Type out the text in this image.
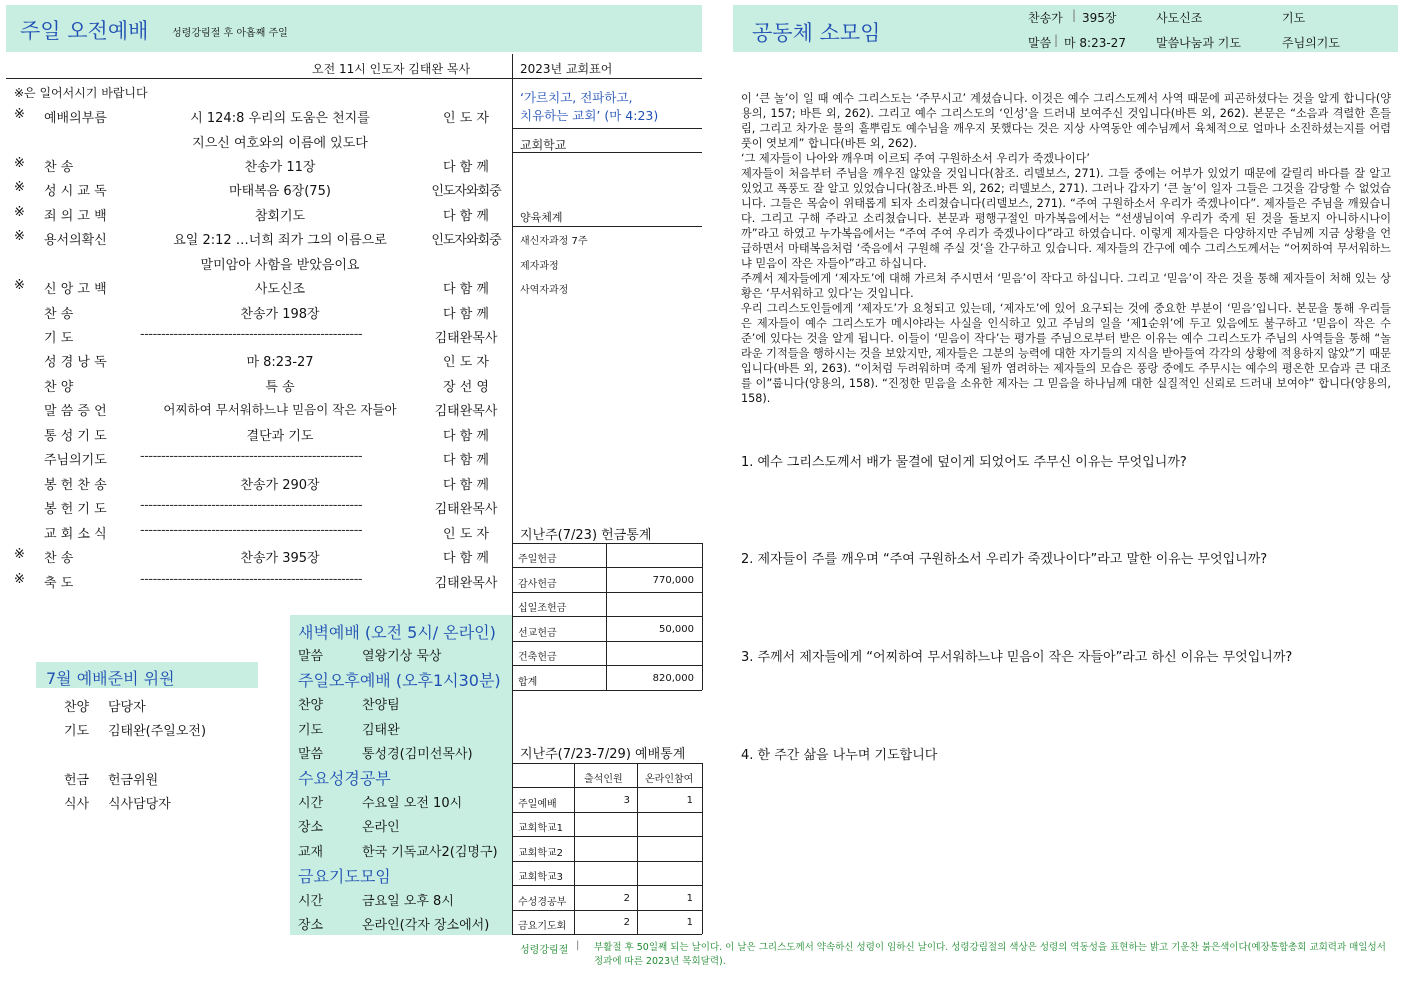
주일 오전예배 성령강림절 후 아홉째 주일	공동체 소모임
찬송가 | 395장	사도신조	기도
말씀 | 마 8:23-27	말씀나눔과 기도	주님의기도
오전 11시 인도자 김태완 목사	2023년 교회표어
※은 일어서시기 바랍니다	‘가르치고, 전파하고,
치유하는 교회’ (마 4:23)
교회학교
양육체계
새신자과정 7주
제자과정
사역자과정
※ 예배의부름	시 124:8 우리의 도움은 천지를	인 도 자
지으신 여호와의 이름에 있도다
※ 찬 송	찬송가 11장	다 함 께
※ 성 시 교 독	마태복음 6장(75)	인도자와회중
※ 죄 의 고 백	참회기도	다 함 께
※ 용서의확신	요일 2:12 …너희 죄가 그의 이름으로	인도자와회중
말미암아 사함을 받았음이요
※ 신 앙 고 백	사도신조	다 함 께
찬 송	찬송가 198장	다 함 께
기 도	-----------------------------------------------------	김태완목사
성 경 낭 독	마 8:23-27	인 도 자
찬 양	특 송	장 선 영
말 씀 증 언	어찌하여 무서워하느냐 믿음이 작은 자들아	김태완목사
통 성 기 도	결단과 기도	다 함 께
주님의기도	-----------------------------------------------------	다 함 께
봉 헌 찬 송	찬송가 290장	다 함 께
봉 헌 기 도	-----------------------------------------------------	김태완목사
교 회 소 식	-----------------------------------------------------	인 도 자
※ 찬 송	찬송가 395장	다 함 께
※ 축 도	-----------------------------------------------------	김태완목사
지난주(7/23) 헌금통계
주일헌금
감사헌금	770,000
십일조헌금
선교헌금	50,000
건축헌금
합계	820,000
지난주(7/23-7/29) 예배통계
출석인원 온라인참여
주일예배	3	1
교회학교1
교회학교2
교회학교3
수성경공부	2	1
금요기도회	2	1
새벽예배 (오전 5시/ 온라인)
말씀	열왕기상 묵상
주일오후예배 (오후1시30분)
찬양	찬양팀
기도	김태완
말씀	통성경(김미선목사)
수요성경공부
시간	수요일 오전 10시
장소	온라인
교재	한국 기독교사2(김명구)
금요기도모임
시간	금요일 오후 8시
장소	온라인(각자 장소에서)
7월 예배준비 위원
찬양 담당자
기도 김태완(주일오전)
헌금 헌금위원
식사 식사담당자
이 ‘큰 놀’이 일 때 예수 그리스도는 ‘주무시고’ 계셨습니다. 이것은 예수 그리스도께서 사역 때문에 피곤하셨다는 것을 알게 합니다(양용의, 157; 바튼 외, 262). 그리고 예수 그리스도의 ‘인성’을 드러내 보여주신 것입니다(바튼 외, 262). 본문은 “소음과 격렬한 흔들림, 그리고 차가운 물의 흩뿌림도 예수님을 깨우지 못했다는 것은 지상 사역동안 예수님께서 육체적으로 얼마나 소진하셨는지를 어렴풋이 엿보게” 합니다(바튼 외, 262).
‘그 제자들이 나아와 깨우며 이르되 주여 구원하소서 우리가 죽겠나이다’
제자들이 처음부터 주님을 깨우진 않았을 것입니다(참조. 리델보스, 271). 그들 중에는 어부가 있었기 때문에 갈릴리 바다를 잘 알고 있었고 폭풍도 잘 알고 있었습니다(참조.바튼 외, 262; 리델보스, 271). 그러나 갑자기 ‘큰 놀’이 일자 그들은 그것을 감당할 수 없었습니다. 그들은 목숨이 위태롭게 되자 소리쳤습니다(리델보스, 271). “주여 구원하소서 우리가 죽겠나이다”. 제자들은 주님을 깨웠습니다. 그리고 구해 주라고 소리쳤습니다. 본문과 평행구절인 마가복음에서는 “선생님이여 우리가 죽게 된 것을 돌보지 아니하시나이까”라고 하였고 누가복음에서는 “주여 주여 우리가 죽겠나이다”라고 하였습니다. 이렇게 제자들은 다양하지만 주님께 지금 상황을 언급하면서 마태복음처럼 ‘죽음에서 구원해 주실 것’을 간구하고 있습니다. 제자들의 간구에 예수 그리스도께서는 “어찌하여 무서워하느냐 믿음이 작은 자들아”라고 하십니다.
주께서 제자들에게 ‘제자도’에 대해 가르쳐 주시면서 ‘믿음’이 작다고 하십니다. 그리고 ‘믿음’이 작은 것을 통해 제자들이 처해 있는 상황은 ‘무서워하고 있다’는 것입니다.
우리 그리스도인들에게 ‘제자도’가 요청되고 있는데, ‘제자도’에 있어 요구되는 것에 중요한 부분이 ‘믿음’입니다. 본문을 통해 우리들은 제자들이 예수 그리스도가 메시야라는 사실을 인식하고 있고 주님의 일을 ‘제1순위’에 두고 있음에도 불구하고 ‘믿음이 작은 수준’에 있다는 것을 알게 됩니다. 이들이 ‘믿음이 작다’는 평가를 주님으로부터 받은 이유는 예수 그리스도가 주님의 사역들을 통해 “놀라운 기적들을 행하시는 것을 보았지만, 제자들은 그분의 능력에 대한 자기들의 지식을 받아들여 각각의 상황에 적용하지 않았”기 때문입니다(바튼 외, 263). “이처럼 두려워하며 죽게 될까 염려하는 제자들의 모습은 풍랑 중에도 주무시는 예수의 평온한 모습과 큰 대조를 이”룹니다(양용의, 158). “진정한 믿음을 소유한 제자는 그 믿음을 하나님께 대한 실질적인 신뢰로 드러내 보여야” 합니다(양용의, 158).
1. 예수 그리스도께서 배가 물결에 덮이게 되었어도 주무신 이유는 무엇입니까?
2. 제자들이 주를 깨우며 “주여 구원하소서 우리가 죽겠나이다”라고 말한 이유는 무엇입니까?
3. 주께서 제자들에게 “어찌하여 무서워하느냐 믿음이 작은 자들아”라고 하신 이유는 무엇입니까?
4. 한 주간 삶을 나누며 기도합니다
성령강림절 | 부활절 후 50일째 되는 날이다. 이 날은 그리스도께서 약속하신 성령이 임하신 날이다. 성령강림절의 색상은 성령의 역동성을 표현하는 밝고 기운찬 붉은색이다(예장통합총회 교회력과 매일성서정과에 따른 2023년 목회달력).
